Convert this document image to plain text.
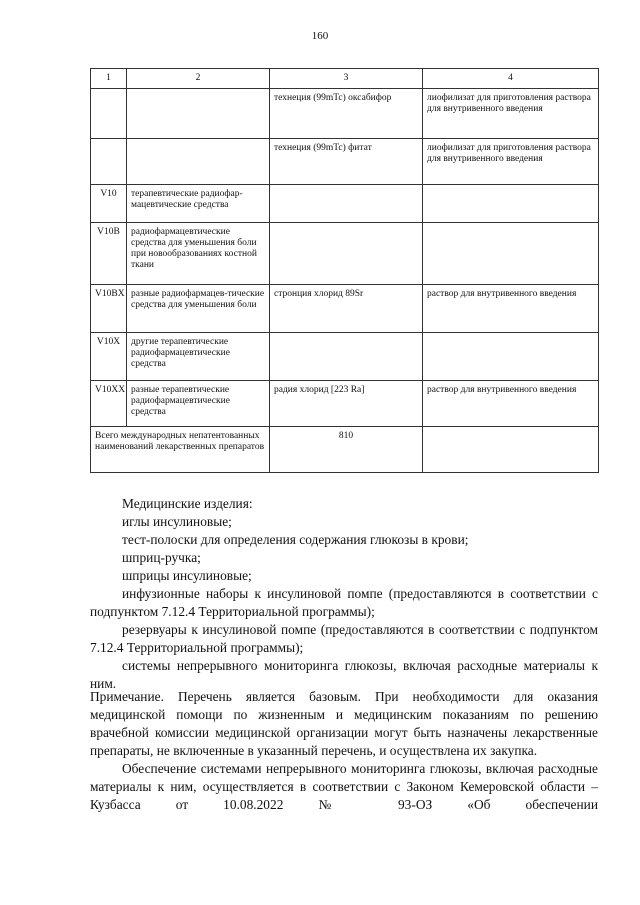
160
1	2	3	4
		технеция (99mTc) оксабифор	лиофилизат для приготовления раствора для внутривенного введения
		технеция (99mTc) фитат	лиофилизат для приготовления раствора для внутривенного введения
V10	терапевтические радиофар-мацевтические средства		
V10B	радиофармацевтические средства для уменьшения боли при новообразованиях костной ткани		
V10BX	разные радиофармацев-тические средства для уменьшения боли	стронция хлорид 89Sr	раствор для внутривенного введения
V10X	другие терапевтические радиофармацевтические средства		
V10XX	разные терапевтические радиофармацевтические средства	радия хлорид [223 Ra]	раствор для внутривенного введения
Всего международных непатентованных наименований лекарственных препаратов		810	

Медицинские изделия:

иглы инсулиновые;

тест-полоски для определения содержания глюкозы в крови;

шприц-ручка;

шприцы инсулиновые;

инфузионные наборы к инсулиновой помпе (предоставляются в соответствии с подпунктом 7.12.4 Территориальной программы);

резервуары к инсулиновой помпе (предоставляются в соответствии с подпунктом 7.12.4 Территориальной программы);

системы непрерывного мониторинга глюкозы, включая расходные материалы к ним.

Примечание. Перечень является базовым. При необходимости для оказания медицинской помощи по жизненным и медицинским показаниям по решению врачебной комиссии медицинской организации могут быть назначены лекарственные препараты, не включенные в указанный перечень, и осуществлена их закупка.

Обеспечение системами непрерывного мониторинга глюкозы, включая расходные материалы к ним, осуществляется в соответствии с Законом Кемеровской области – Кузбасса от 10.08.2022 № 93-ОЗ «Об обеспечении
